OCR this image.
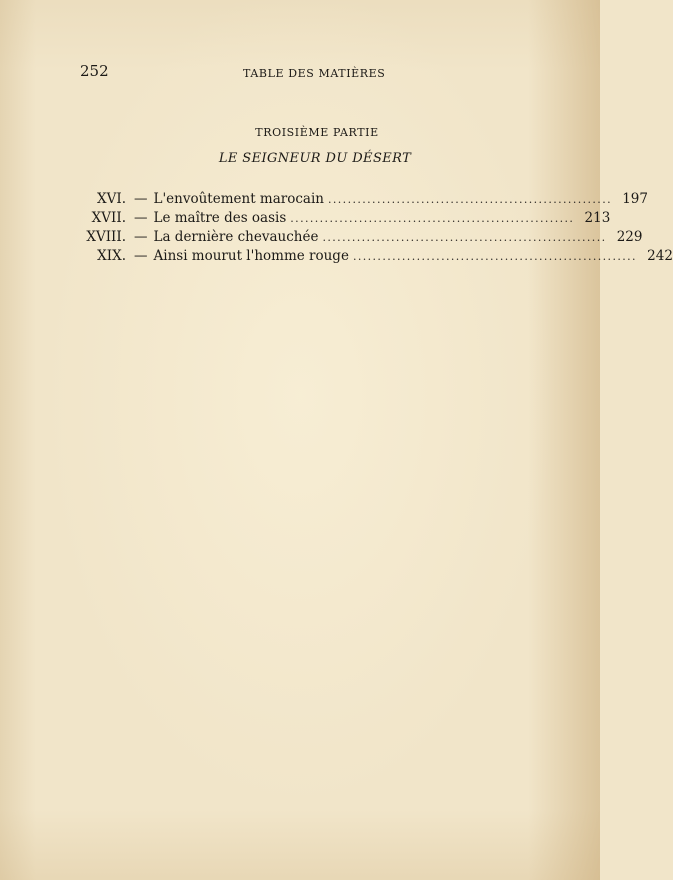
252	TABLE DES MATIÈRES
TROISIÈME PARTIE
LE SEIGNEUR DU DÉSERT
XVI. — L'envoûtement marocain .......................................................... 197
XVII. — Le maître des oasis .......................................................... 213
XVIII. — La dernière chevauchée .......................................................... 229
XIX. — Ainsi mourut l'homme rouge .......................................................... 242
